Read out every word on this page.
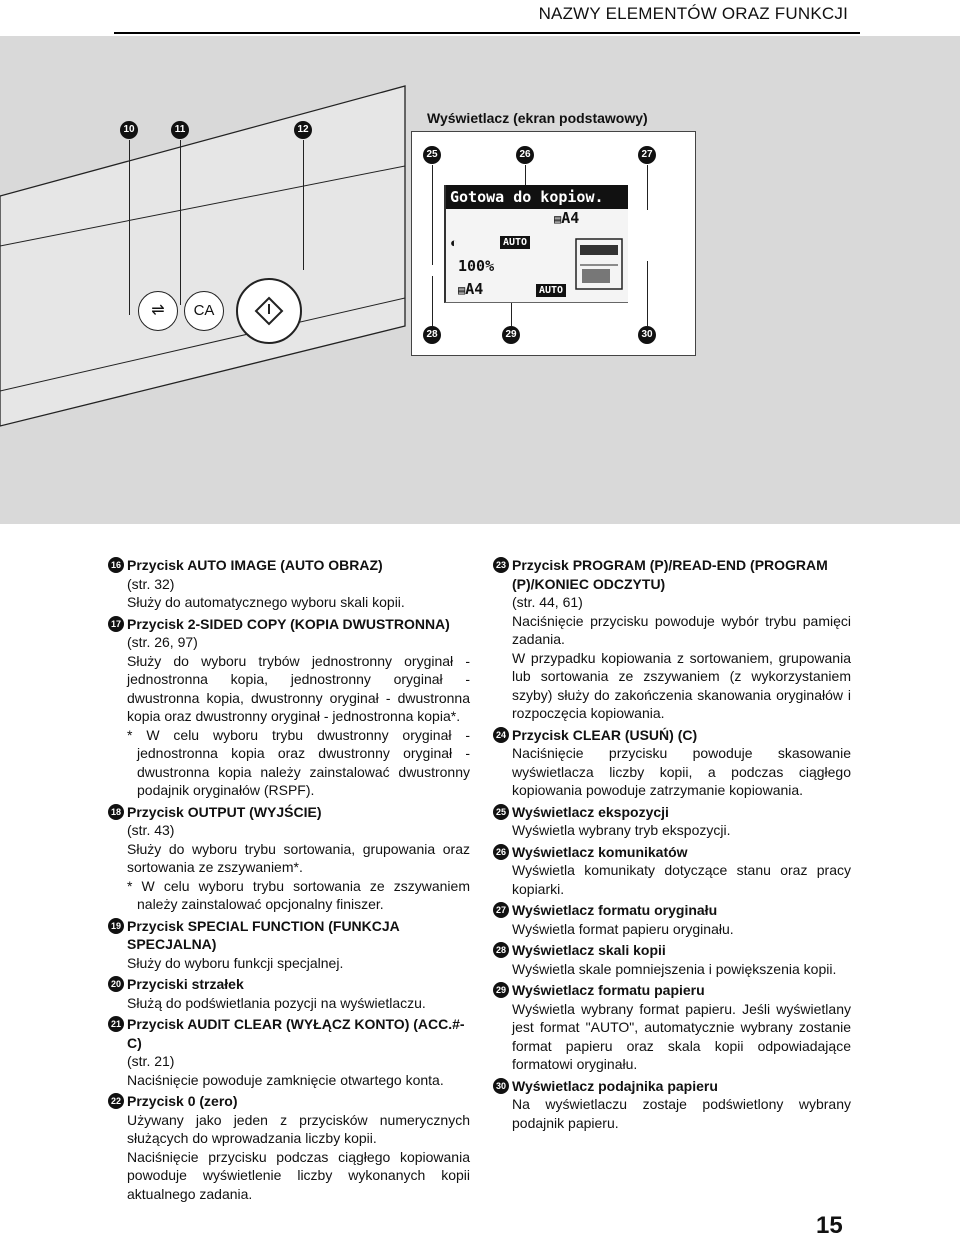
NAZWY ELEMENTÓW ORAZ FUNKCJI
10	11	12
⇌	CA
Wyświetlacz (ekran podstawowy)
25	26	27
28	29	30
Gotowa do kopiow.
▤A4
◐	AUTO
100%
▤A4	AUTO
16 Przycisk AUTO IMAGE (AUTO OBRAZ)
(str. 32)

Służy do automatycznego wyboru skali kopii.

17 Przycisk 2-SIDED COPY (KOPIA DWUSTRONNA)
(str. 26, 97)

Służy do wyboru trybów jednostronny oryginał - jednostronna kopia, jednostronny oryginał - dwustronna kopia, dwustronny oryginał - dwustronna kopia oraz dwustronny oryginał - jednostronna kopia*.

* W celu wyboru trybu dwustronny oryginał - jednostronna kopia oraz dwustronny oryginał - dwustronna kopia należy zainstalować dwustronny podajnik oryginałów (RSPF).

18 Przycisk OUTPUT (WYJŚCIE)
(str. 43)

Służy do wyboru trybu sortowania, grupowania oraz sortowania ze zszywaniem*.

* W celu wyboru trybu sortowania ze zszywaniem należy zainstalować opcjonalny finiszer.

19 Przycisk SPECIAL FUNCTION (FUNKCJA SPECJALNA)

Służy do wyboru funkcji specjalnej.

20 Przyciski strzałek

Służą do podświetlania pozycji na wyświetlaczu.

21 Przycisk AUDIT CLEAR (WYŁĄCZ KONTO) (ACC.#-C)
(str. 21)

Naciśnięcie powoduje zamknięcie otwartego konta.

22 Przycisk 0 (zero)

Używany jako jeden z przycisków numerycznych służących do wprowadzania liczby kopii.

Naciśnięcie przycisku podczas ciągłego kopiowania powoduje wyświetlenie liczby wykonanych kopii aktualnego zadania.

23 Przycisk PROGRAM (P)/READ-END (PROGRAM (P)/KONIEC ODCZYTU)
(str. 44, 61)

Naciśnięcie przycisku powoduje wybór trybu pamięci zadania.

W przypadku kopiowania z sortowaniem, grupowania lub sortowania ze zszywaniem (z wykorzystaniem szyby) służy do zakończenia skanowania oryginałów i rozpoczęcia kopiowania.

24 Przycisk CLEAR (USUŃ) (C)

Naciśnięcie przycisku powoduje skasowanie wyświetlacza liczby kopii, a podczas ciągłego kopiowania powoduje zatrzymanie kopiowania.

25 Wyświetlacz ekspozycji

Wyświetla wybrany tryb ekspozycji.

26 Wyświetlacz komunikatów

Wyświetla komunikaty dotyczące stanu oraz pracy kopiarki.

27 Wyświetlacz formatu oryginału

Wyświetla format papieru oryginału.

28 Wyświetlacz skali kopii

Wyświetla skale pomniejszenia i powiększenia kopii.

29 Wyświetlacz formatu papieru

Wyświetla wybrany format papieru. Jeśli wyświetlany jest format "AUTO", automatycznie wybrany zostanie format papieru oraz skala kopii odpowiadające formatowi oryginału.

30 Wyświetlacz podajnika papieru

Na wyświetlaczu zostaje podświetlony wybrany podajnik papieru.

15
